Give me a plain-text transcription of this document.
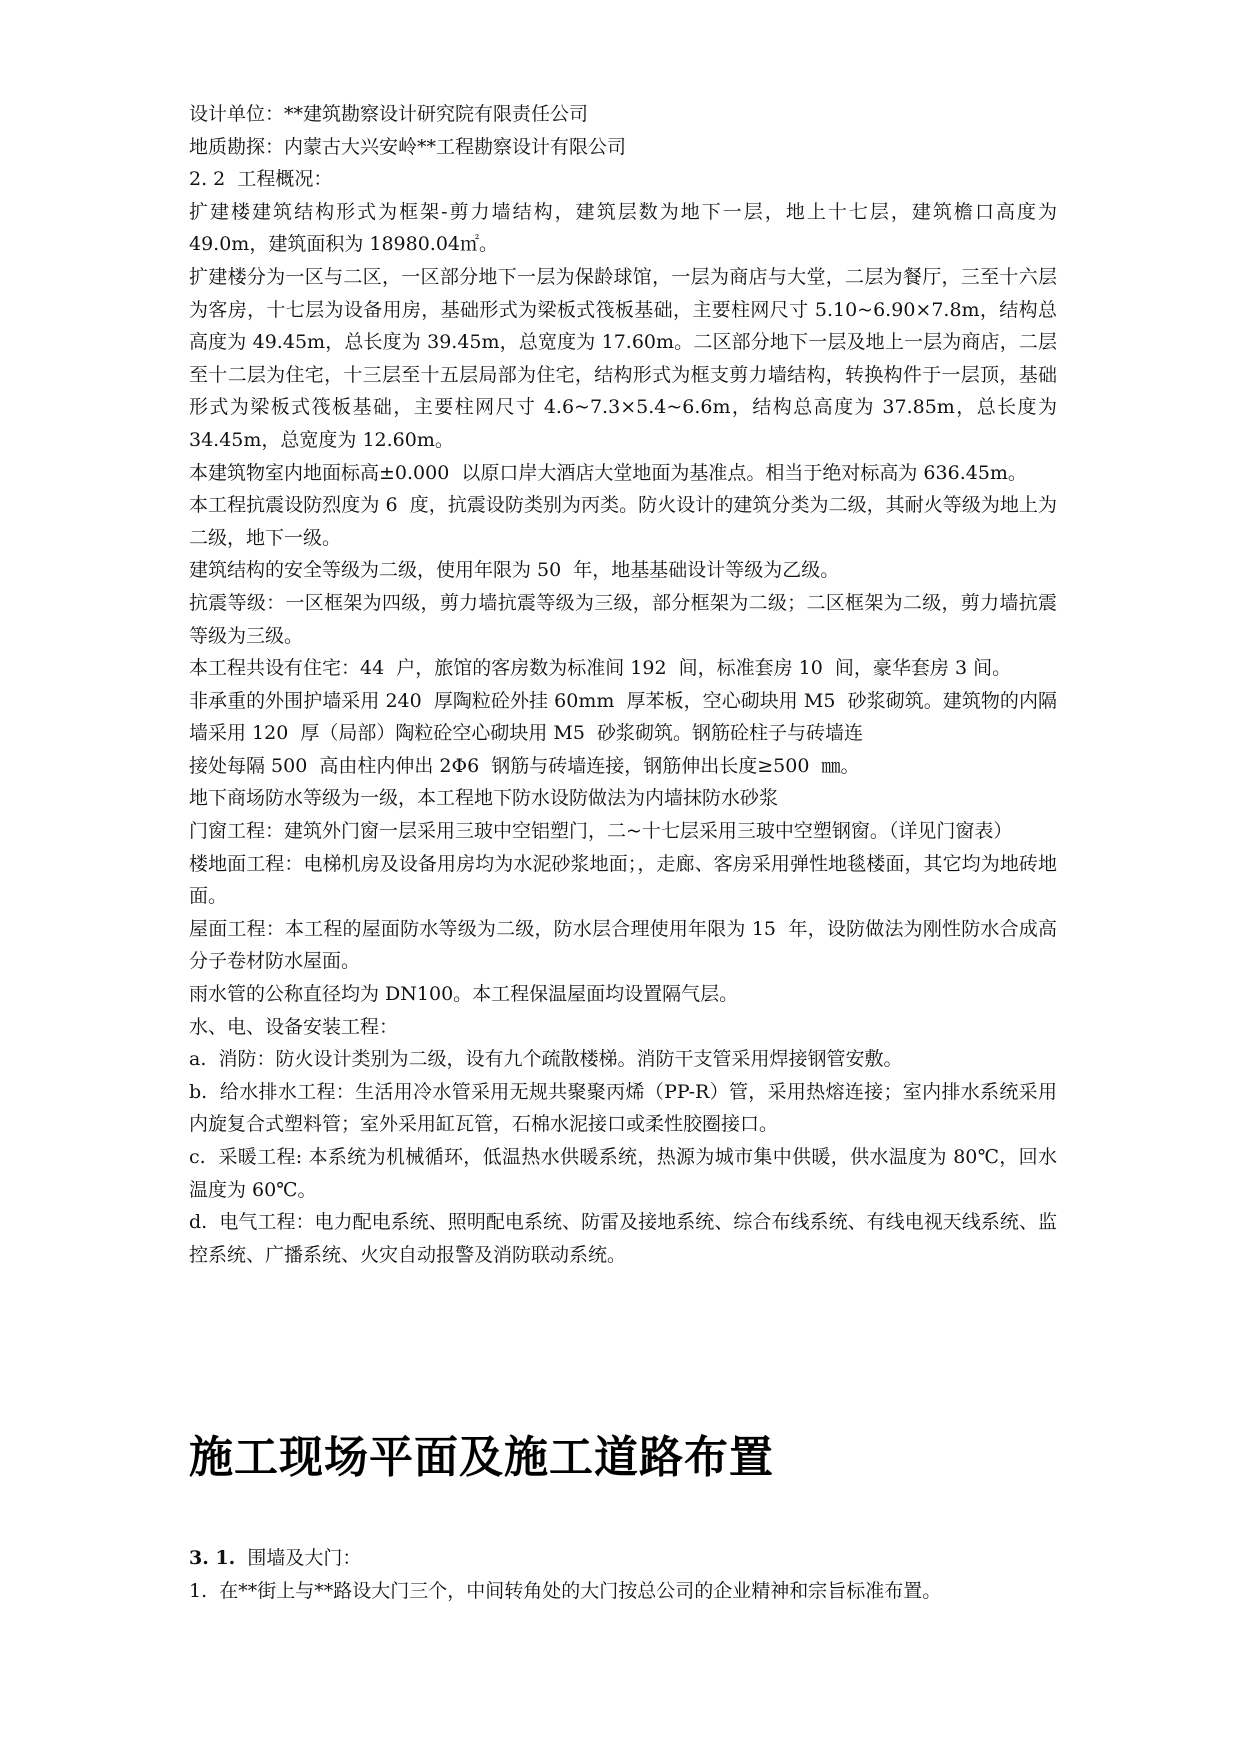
设计单位：**建筑勘察设计研究院有限责任公司

地质勘探：内蒙古大兴安岭**工程勘察设计有限公司

2. 2  工程概况：

扩建楼建筑结构形式为框架-剪力墙结构，建筑层数为地下一层，地上十七层，建筑檐口高度为 49.0m，建筑面积为 18980.04㎡。

扩建楼分为一区与二区，一区部分地下一层为保龄球馆，一层为商店与大堂，二层为餐厅，三至十六层为客房，十七层为设备用房，基础形式为梁板式筏板基础，主要柱网尺寸 5.10~6.90×7.8m，结构总高度为 49.45m，总长度为 39.45m，总宽度为 17.60m。二区部分地下一层及地上一层为商店，二层至十二层为住宅，十三层至十五层局部为住宅，结构形式为框支剪力墙结构，转换构件于一层顶，基础形式为梁板式筏板基础，主要柱网尺寸 4.6~7.3×5.4~6.6m，结构总高度为 37.85m，总长度为 34.45m，总宽度为 12.60m。

本建筑物室内地面标高±0.000  以原口岸大酒店大堂地面为基准点。相当于绝对标高为 636.45m。

本工程抗震设防烈度为 6  度，抗震设防类别为丙类。防火设计的建筑分类为二级，其耐火等级为地上为二级，地下一级。

建筑结构的安全等级为二级，使用年限为 50  年，地基基础设计等级为乙级。

抗震等级：一区框架为四级，剪力墙抗震等级为三级，部分框架为二级；二区框架为二级，剪力墙抗震等级为三级。

本工程共设有住宅：44  户，旅馆的客房数为标准间 192  间，标准套房 10  间，豪华套房 3 间。

非承重的外围护墙采用 240  厚陶粒砼外挂 60mm  厚苯板，空心砌块用 M5  砂浆砌筑。建筑物的内隔墙采用 120  厚（局部）陶粒砼空心砌块用 M5  砂浆砌筑。钢筋砼柱子与砖墙连

接处每隔 500  高由柱内伸出 2Φ6  钢筋与砖墙连接，钢筋伸出长度≥500  ㎜。

地下商场防水等级为一级，本工程地下防水设防做法为内墙抹防水砂浆

门窗工程：建筑外门窗一层采用三玻中空铝塑门，二~十七层采用三玻中空塑钢窗。（详见门窗表）

楼地面工程：电梯机房及设备用房均为水泥砂浆地面；，走廊、客房采用弹性地毯楼面，其它均为地砖地面。

屋面工程：本工程的屋面防水等级为二级，防水层合理使用年限为 15  年，设防做法为刚性防水合成高分子卷材防水屋面。

雨水管的公称直径均为 DN100。本工程保温屋面均设置隔气层。

水、电、设备安装工程：

a.  消防：防火设计类别为二级，设有九个疏散楼梯。消防干支管采用焊接钢管安敷。

b.  给水排水工程：生活用冷水管采用无规共聚聚丙烯（PP-R）管，采用热熔连接；室内排水系统采用内旋复合式塑料管；室外采用缸瓦管，石棉水泥接口或柔性胶圈接口。

c.  采暖工程: 本系统为机械循环，低温热水供暖系统，热源为城市集中供暖，供水温度为 80℃，回水温度为 60℃。

d.  电气工程：电力配电系统、照明配电系统、防雷及接地系统、综合布线系统、有线电视天线系统、监控系统、广播系统、火灾自动报警及消防联动系统。

施工现场平面及施工道路布置

3. 1.  围墙及大门：

1.  在**街上与**路设大门三个，中间转角处的大门按总公司的企业精神和宗旨标准布置。
